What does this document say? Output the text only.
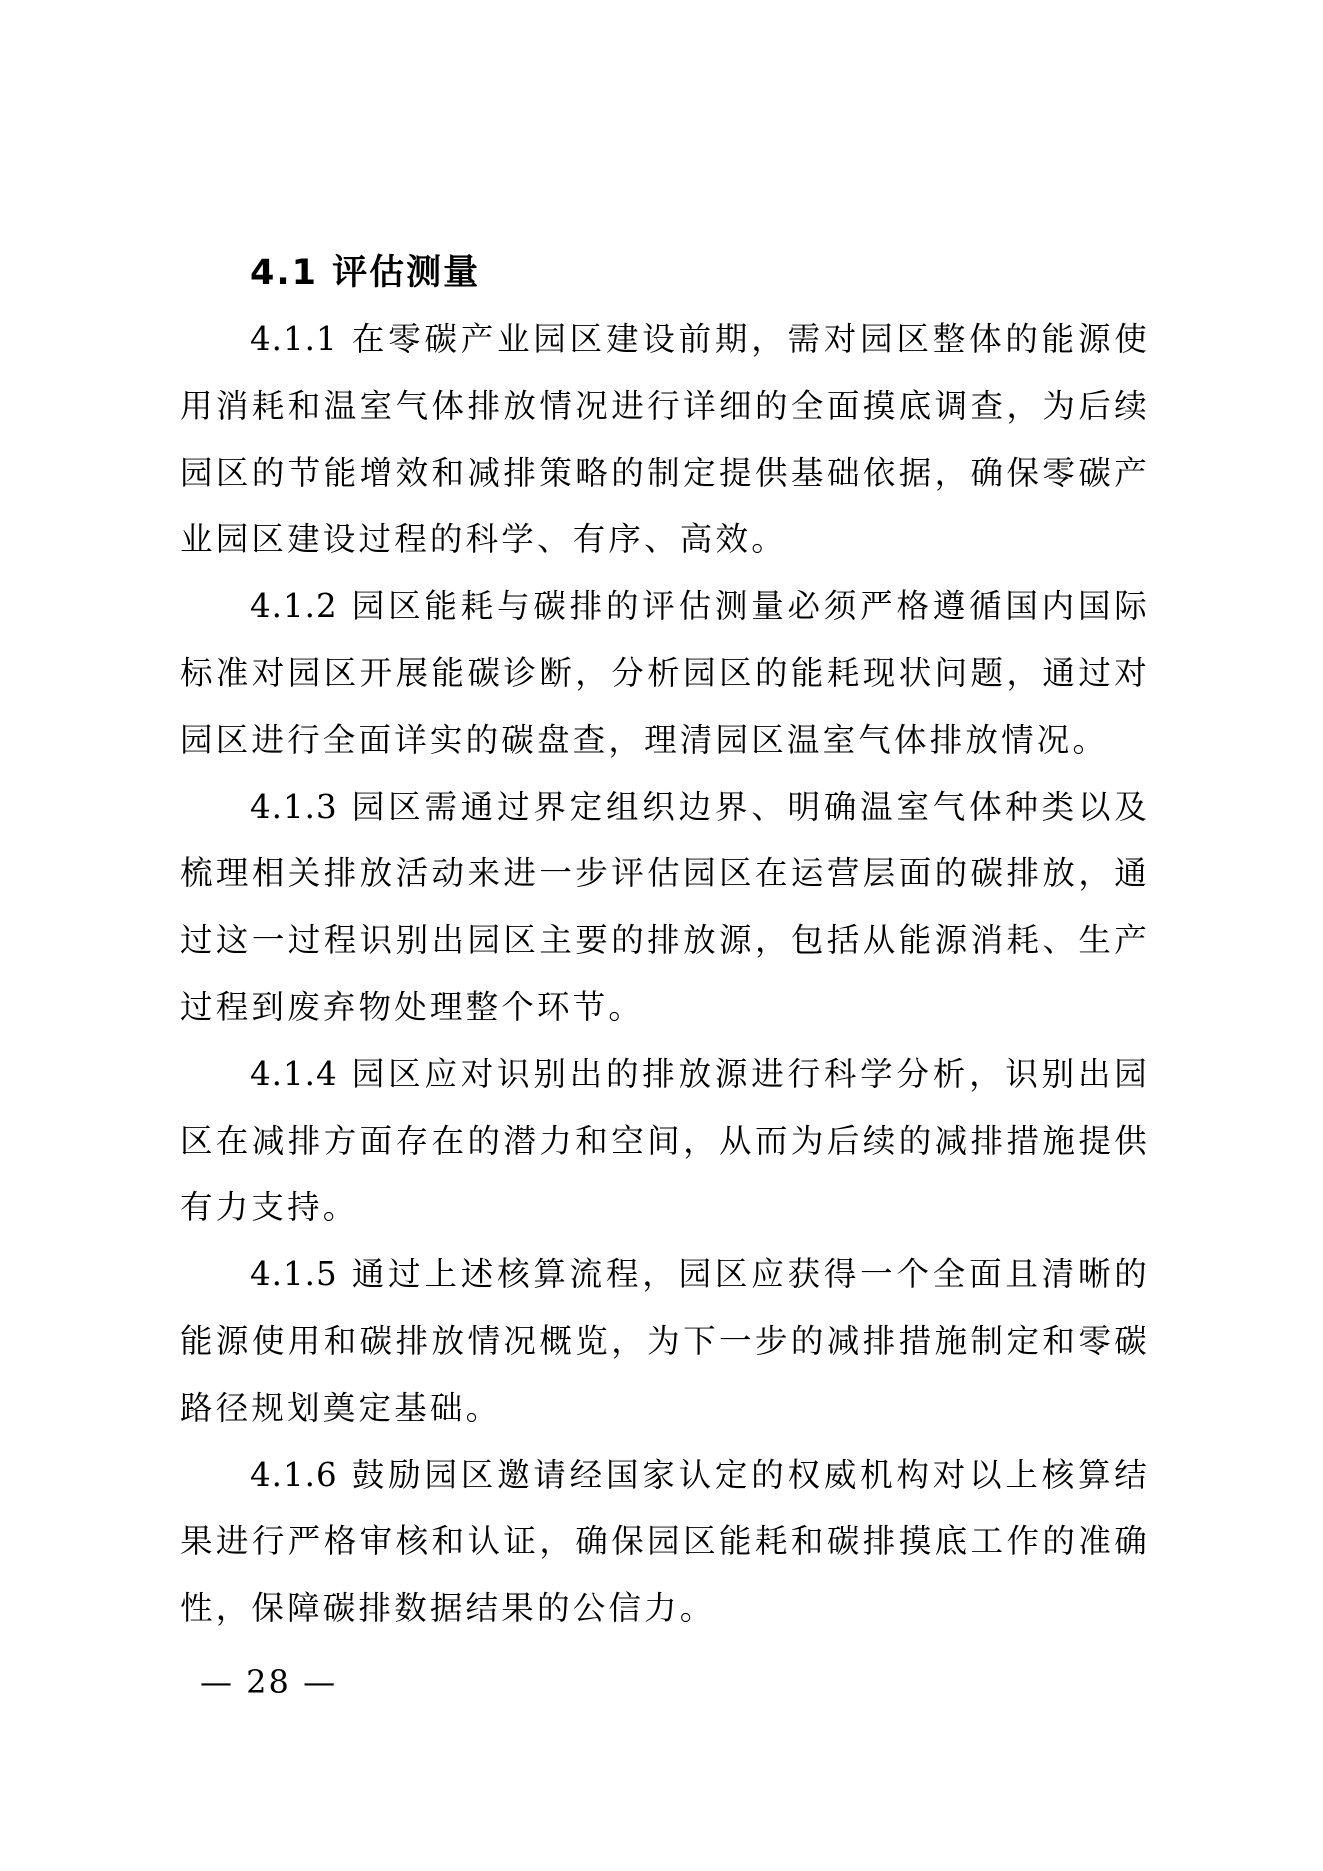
4.1 评估测量

4.1.1 在零碳产业园区建设前期，需对园区整体的能源使用消耗和温室气体排放情况进行详细的全面摸底调查，为后续园区的节能增效和减排策略的制定提供基础依据，确保零碳产业园区建设过程的科学、有序、高效。

4.1.2 园区能耗与碳排的评估测量必须严格遵循国内国际标准对园区开展能碳诊断，分析园区的能耗现状问题，通过对园区进行全面详实的碳盘查，理清园区温室气体排放情况。

4.1.3 园区需通过界定组织边界、明确温室气体种类以及梳理相关排放活动来进一步评估园区在运营层面的碳排放，通过这一过程识别出园区主要的排放源，包括从能源消耗、生产过程到废弃物处理整个环节。

4.1.4 园区应对识别出的排放源进行科学分析，识别出园区在减排方面存在的潜力和空间，从而为后续的减排措施提供有力支持。

4.1.5 通过上述核算流程，园区应获得一个全面且清晰的能源使用和碳排放情况概览，为下一步的减排措施制定和零碳路径规划奠定基础。

4.1.6 鼓励园区邀请经国家认定的权威机构对以上核算结果进行严格审核和认证，确保园区能耗和碳排摸底工作的准确性，保障碳排数据结果的公信力。

— 28 —
